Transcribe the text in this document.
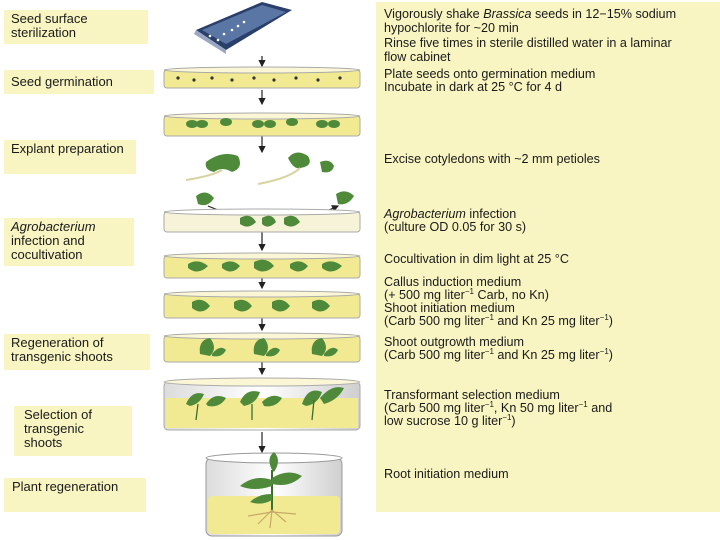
Seed surface sterilization
Seed germination
Explant preparation
Agrobacterium infection and cocultivation
Regeneration of transgenic shoots
Selection of transgenic shoots
Plant regeneration
Vigorously shake Brassica seeds in 12−15% sodium hypochlorite for ~20 min
Rinse five times in sterile distilled water in a laminar flow cabinet
Plate seeds onto germination medium
Incubate in dark at 25 °C for 4 d
Excise cotyledons with ~2 mm petioles
Agrobacterium infection
(culture OD 0.05 for 30 s)
Cocultivation in dim light at 25 °C
Callus induction medium
(+ 500 mg liter$^{-1}$ Carb, no Kn)
Shoot initiation medium
(Carb 500 mg liter$^{-1}$ and Kn 25 mg liter$^{-1}$)
Shoot outgrowth medium
(Carb 500 mg liter$^{-1}$ and Kn 25 mg liter$^{-1}$)
Transformant selection medium
(Carb 500 mg liter$^{-1}$, Kn 50 mg liter$^{-1}$ and
low sucrose 10 g liter$^{-1}$)
Root initiation medium
